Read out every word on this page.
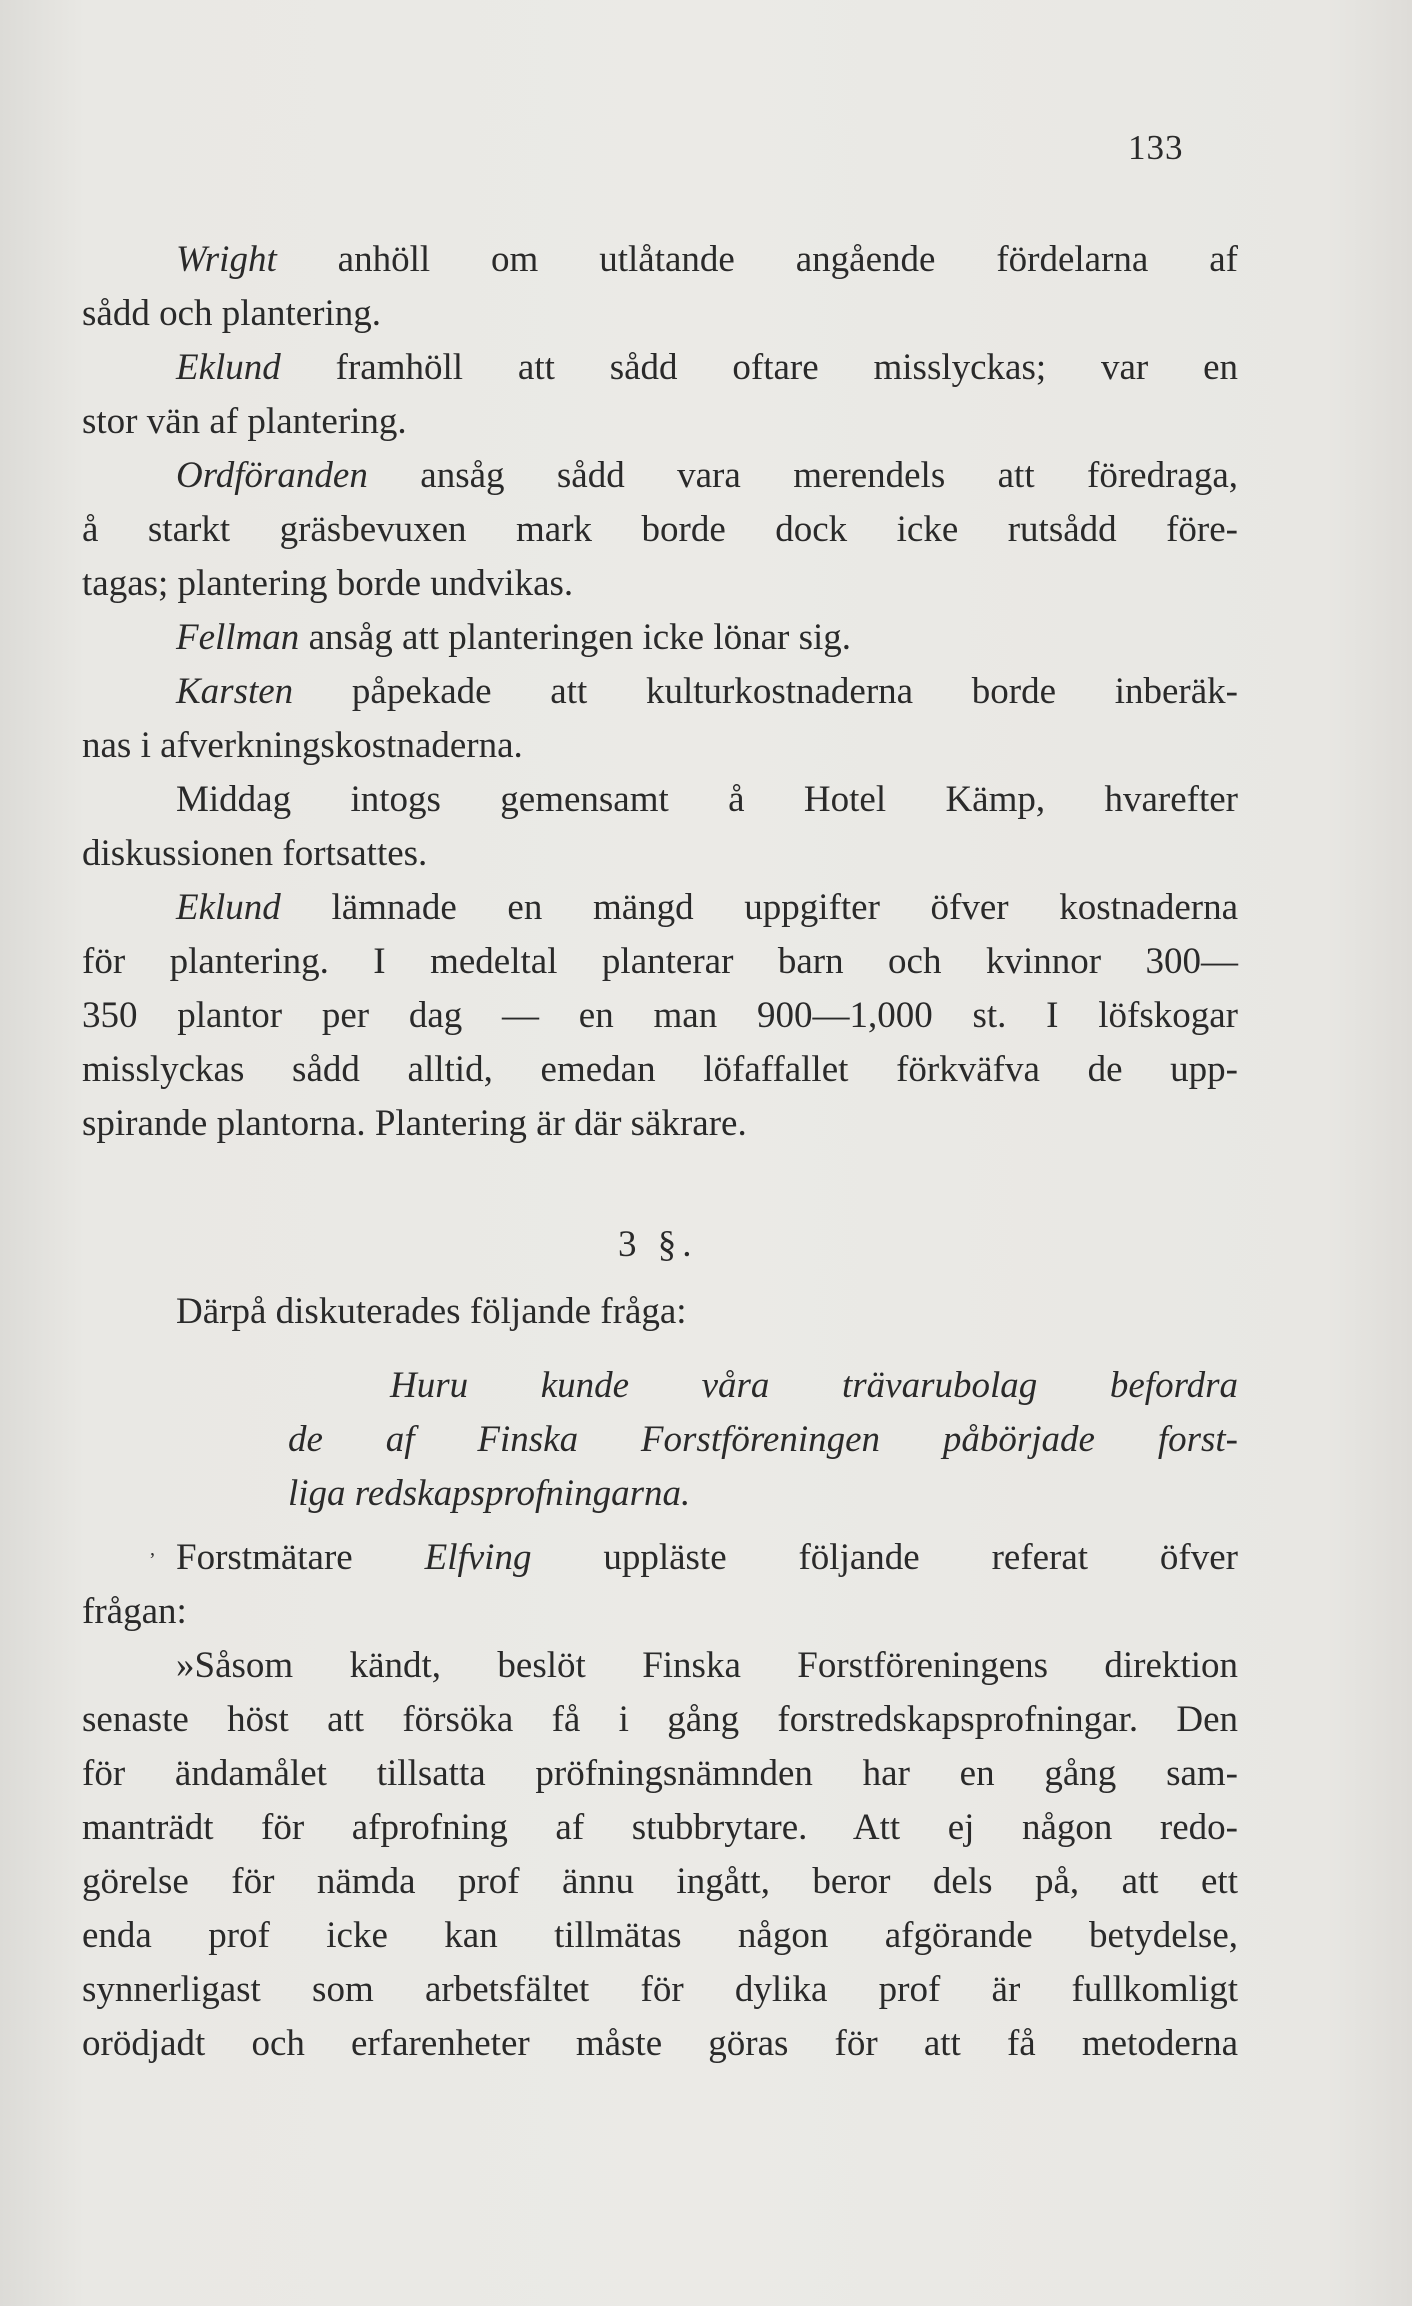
133
Wright anhöll om utlåtande angående fördelarna af
sådd och plantering.
Eklund framhöll att sådd oftare misslyckas; var en
stor vän af plantering.
Ordföranden ansåg sådd vara merendels att föredraga,
å starkt gräsbevuxen mark borde dock icke rutsådd före-
tagas; plantering borde undvikas.
Fellman ansåg att planteringen icke lönar sig.
Karsten påpekade att kulturkostnaderna borde inberäk-
nas i afverkningskostnaderna.
Middag intogs gemensamt å Hotel Kämp, hvarefter
diskussionen fortsattes.
Eklund lämnade en mängd uppgifter öfver kostnaderna
för plantering. I medeltal planterar barn och kvinnor 300—
350 plantor per dag — en man 900—1,000 st. I löfskogar
misslyckas sådd alltid, emedan löfaffallet förkväfva de upp-
spirande plantorna. Plantering är där säkrare.
3 §.
Därpå diskuterades följande fråga:
Huru kunde våra trävarubolag befordra
de af Finska Forstföreningen påbörjade forst-
liga redskapsprofningarna.
, Forstmätare Elfving uppläste följande referat öfver
frågan:
»Såsom kändt, beslöt Finska Forstföreningens direktion
senaste höst att försöka få i gång forstredskapsprofningar. Den
för ändamålet tillsatta pröfningsnämnden har en gång sam-
manträdt för afprofning af stubbrytare. Att ej någon redo-
görelse för nämda prof ännu ingått, beror dels på, att ett
enda prof icke kan tillmätas någon afgörande betydelse,
synnerligast som arbetsfältet för dylika prof är fullkomligt
orödjadt och erfarenheter måste göras för att få metoderna
